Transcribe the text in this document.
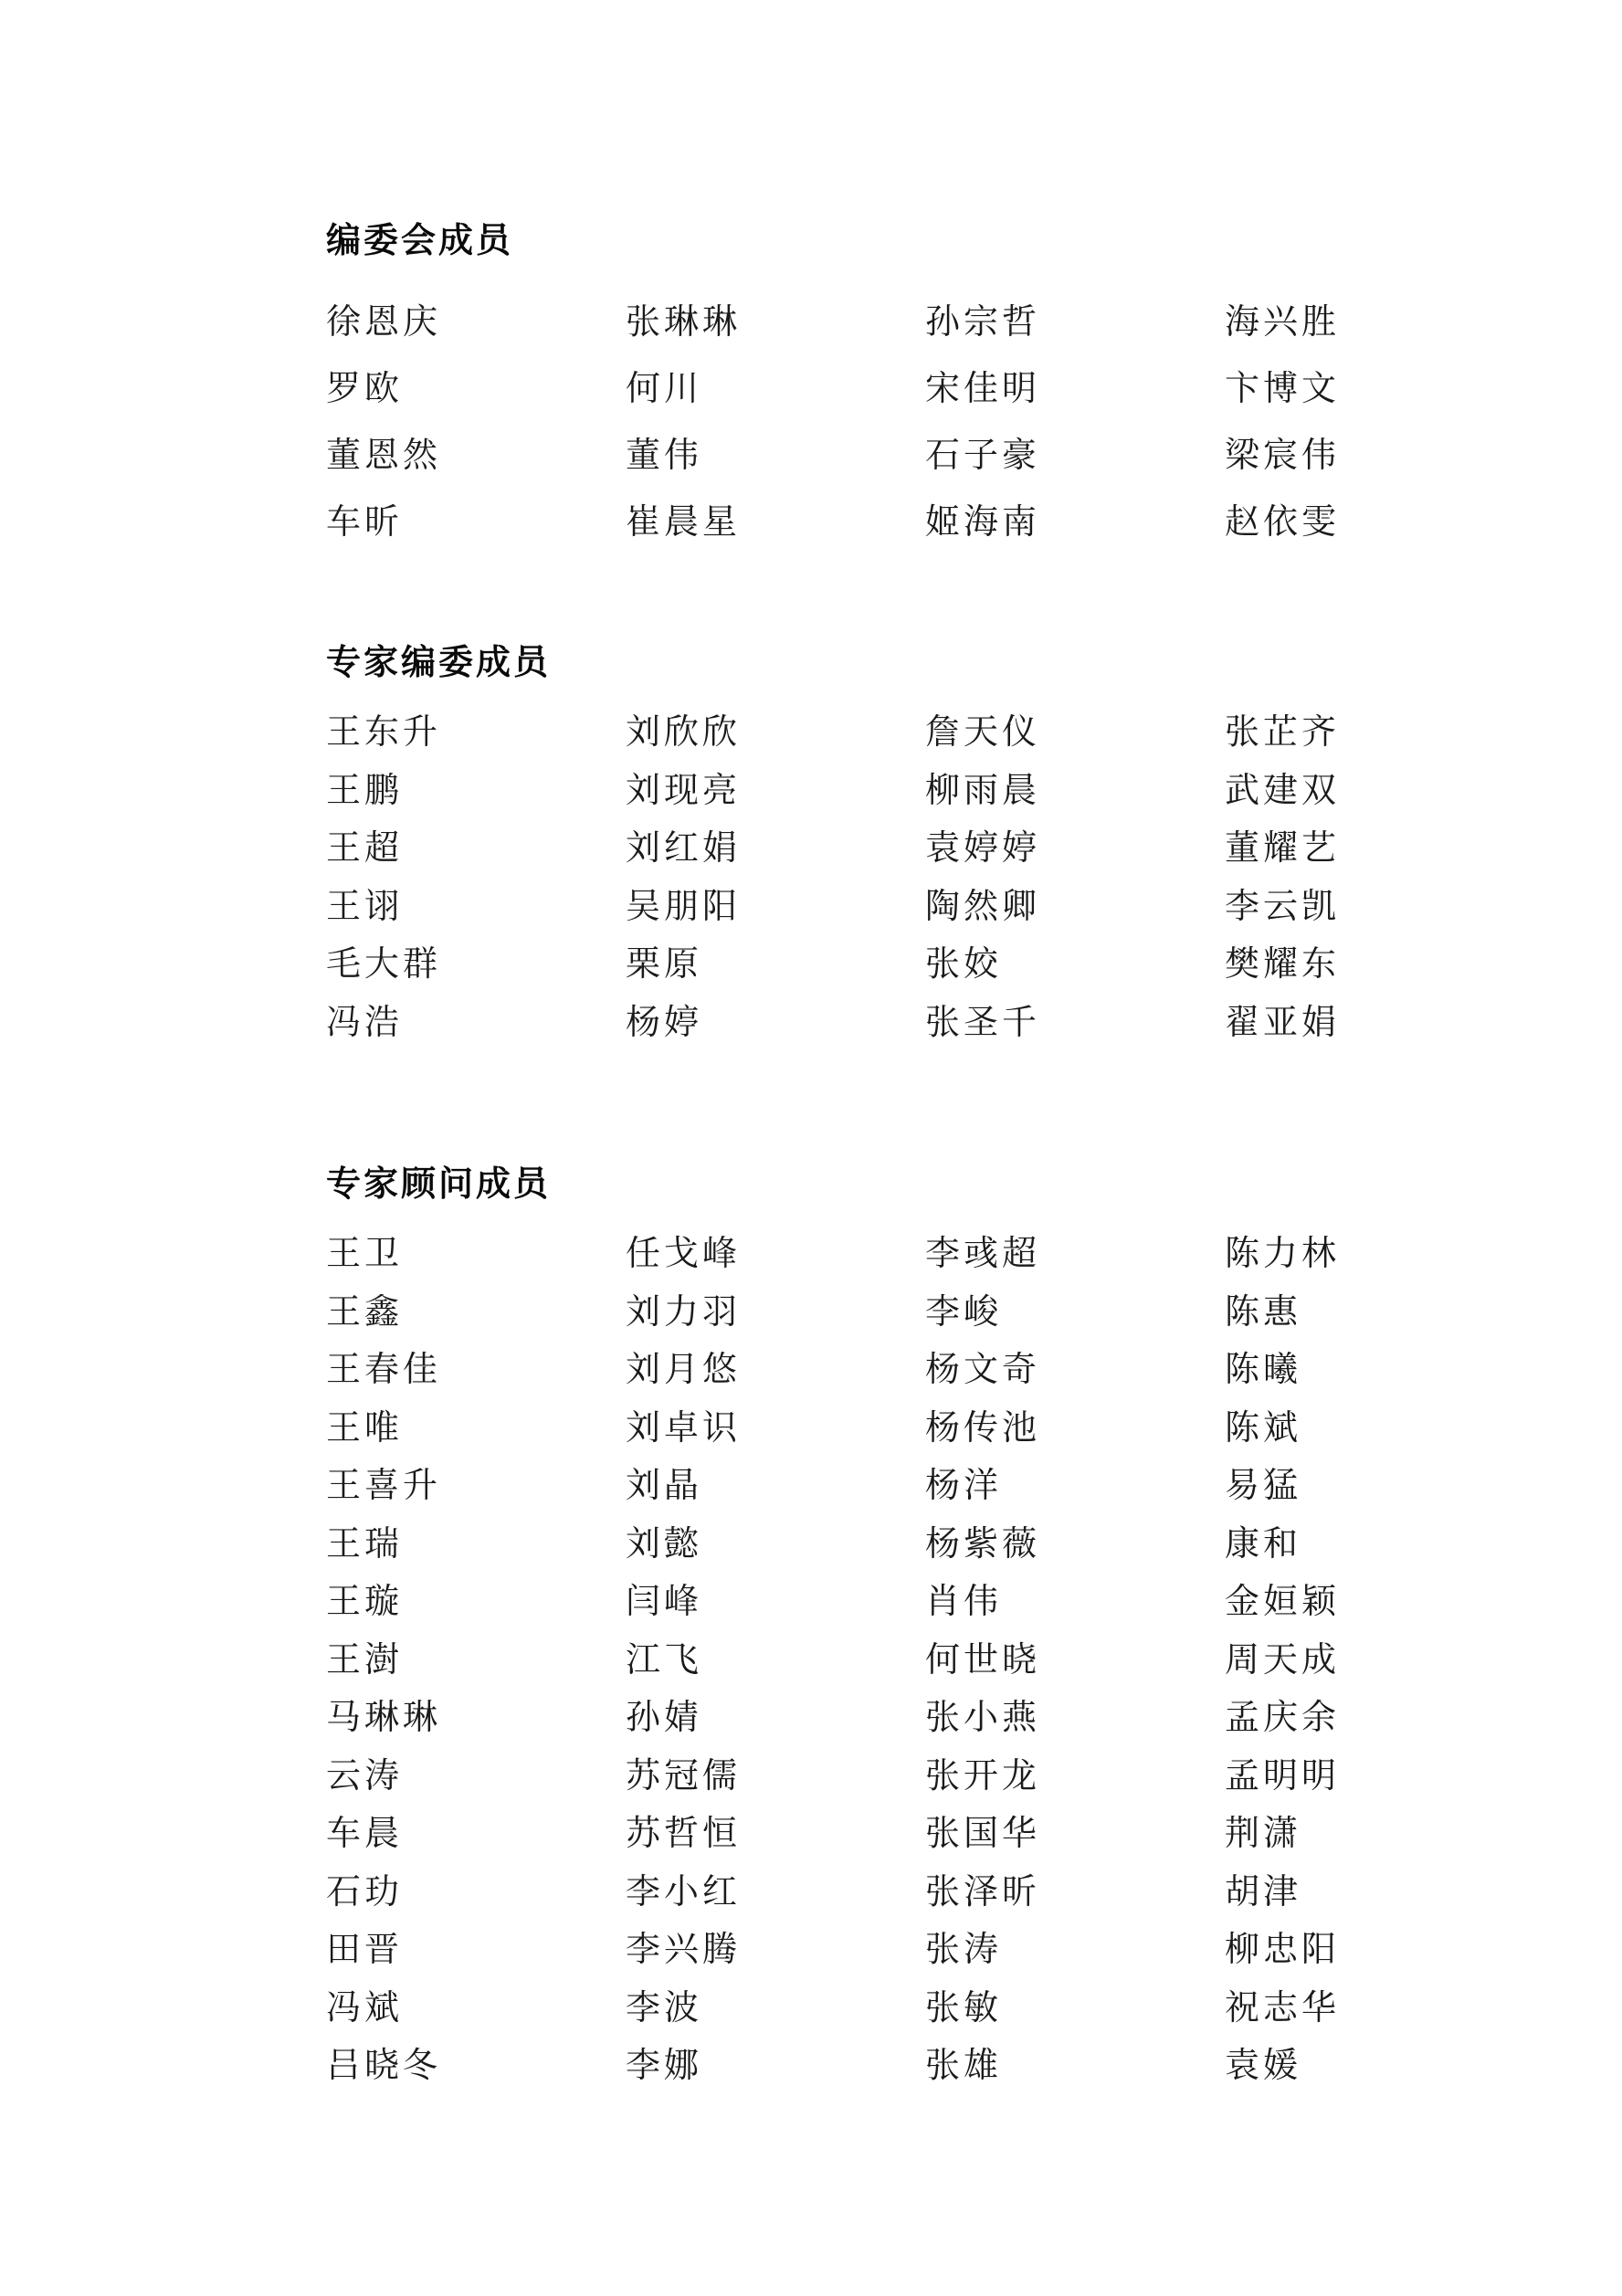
编委会成员
徐恩庆	张琳琳	孙宗哲	海兴胜
罗欧	何川	宋佳明	卞博文
董恩然	董伟	石子豪	梁宸伟
车昕	崔晨星	姬海南	赵依雯
专家编委成员
王东升	刘欣欣	詹天仪	张芷齐
王鹏	刘现亮	柳雨晨	武建双
王超	刘红娟	袁婷婷	董耀艺
王诩	吴朋阳	陶然卿	李云凯
毛大群	栗原	张姣	樊耀东
冯浩	杨婷	张圣千	翟亚娟
专家顾问成员
王卫	任戈峰	李彧超	陈力林
王鑫	刘力羽	李峻	陈惠
王春佳	刘月悠	杨文奇	陈曦
王唯	刘卓识	杨传池	陈斌
王喜升	刘晶	杨洋	易猛
王瑞	刘懿	杨紫薇	康和
王璇	闫峰	肖伟	金姮颖
王澍	江飞	何世晓	周天成
马琳琳	孙婧	张小燕	孟庆余
云涛	苏冠儒	张开龙	孟明明
车晨	苏哲恒	张国华	荆潇
石玏	李小红	张泽昕	胡津
田晋	李兴腾	张涛	柳忠阳
冯斌	李波	张敏	祝志华
吕晓冬	李娜	张雄	袁媛
